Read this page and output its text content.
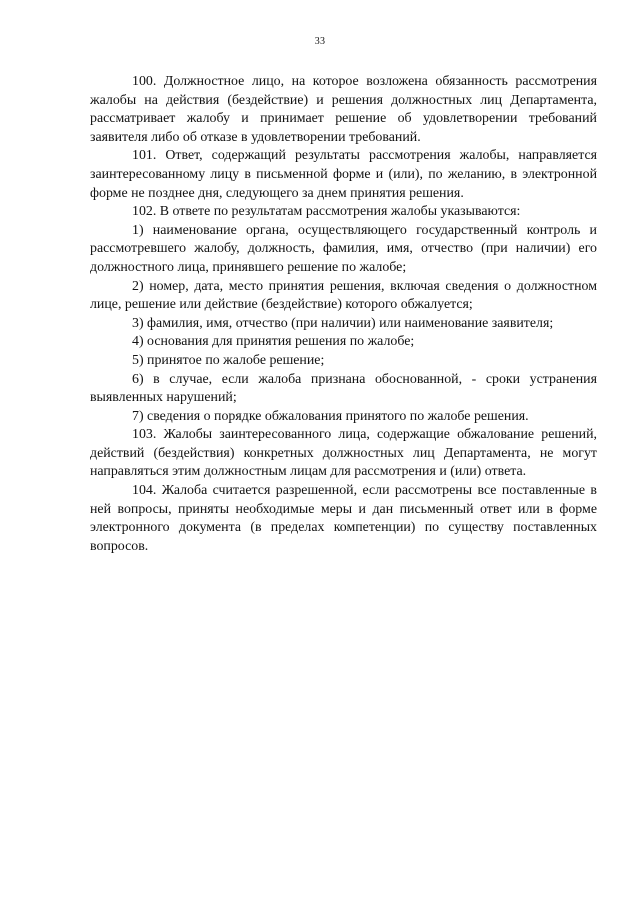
33

100. Должностное лицо, на которое возложена обязанность рассмотрения жалобы на действия (бездействие) и решения должностных лиц Департамента, рассматривает жалобу и принимает решение об удовлетворении требований заявителя либо об отказе в удовлетворении требований.

101. Ответ, содержащий результаты рассмотрения жалобы, направляется заинтересованному лицу в письменной форме и (или), по желанию, в электронной форме не позднее дня, следующего за днем принятия решения.

102. В ответе по результатам рассмотрения жалобы указываются:

1) наименование органа, осуществляющего государственный контроль и рассмотревшего жалобу, должность, фамилия, имя, отчество (при наличии) его должностного лица, принявшего решение по жалобе;

2) номер, дата, место принятия решения, включая сведения о должностном лице, решение или действие (бездействие) которого обжалуется;

3) фамилия, имя, отчество (при наличии) или наименование заявителя;

4) основания для принятия решения по жалобе;

5) принятое по жалобе решение;

6) в случае, если жалоба признана обоснованной, - сроки устранения выявленных нарушений;

7) сведения о порядке обжалования принятого по жалобе решения.

103. Жалобы заинтересованного лица, содержащие обжалование решений, действий (бездействия) конкретных должностных лиц Департамента, не могут направляться этим должностным лицам для рассмотрения и (или) ответа.

104. Жалоба считается разрешенной, если рассмотрены все поставленные в ней вопросы, приняты необходимые меры и дан письменный ответ или в форме электронного документа (в пределах компетенции) по существу поставленных вопросов.
